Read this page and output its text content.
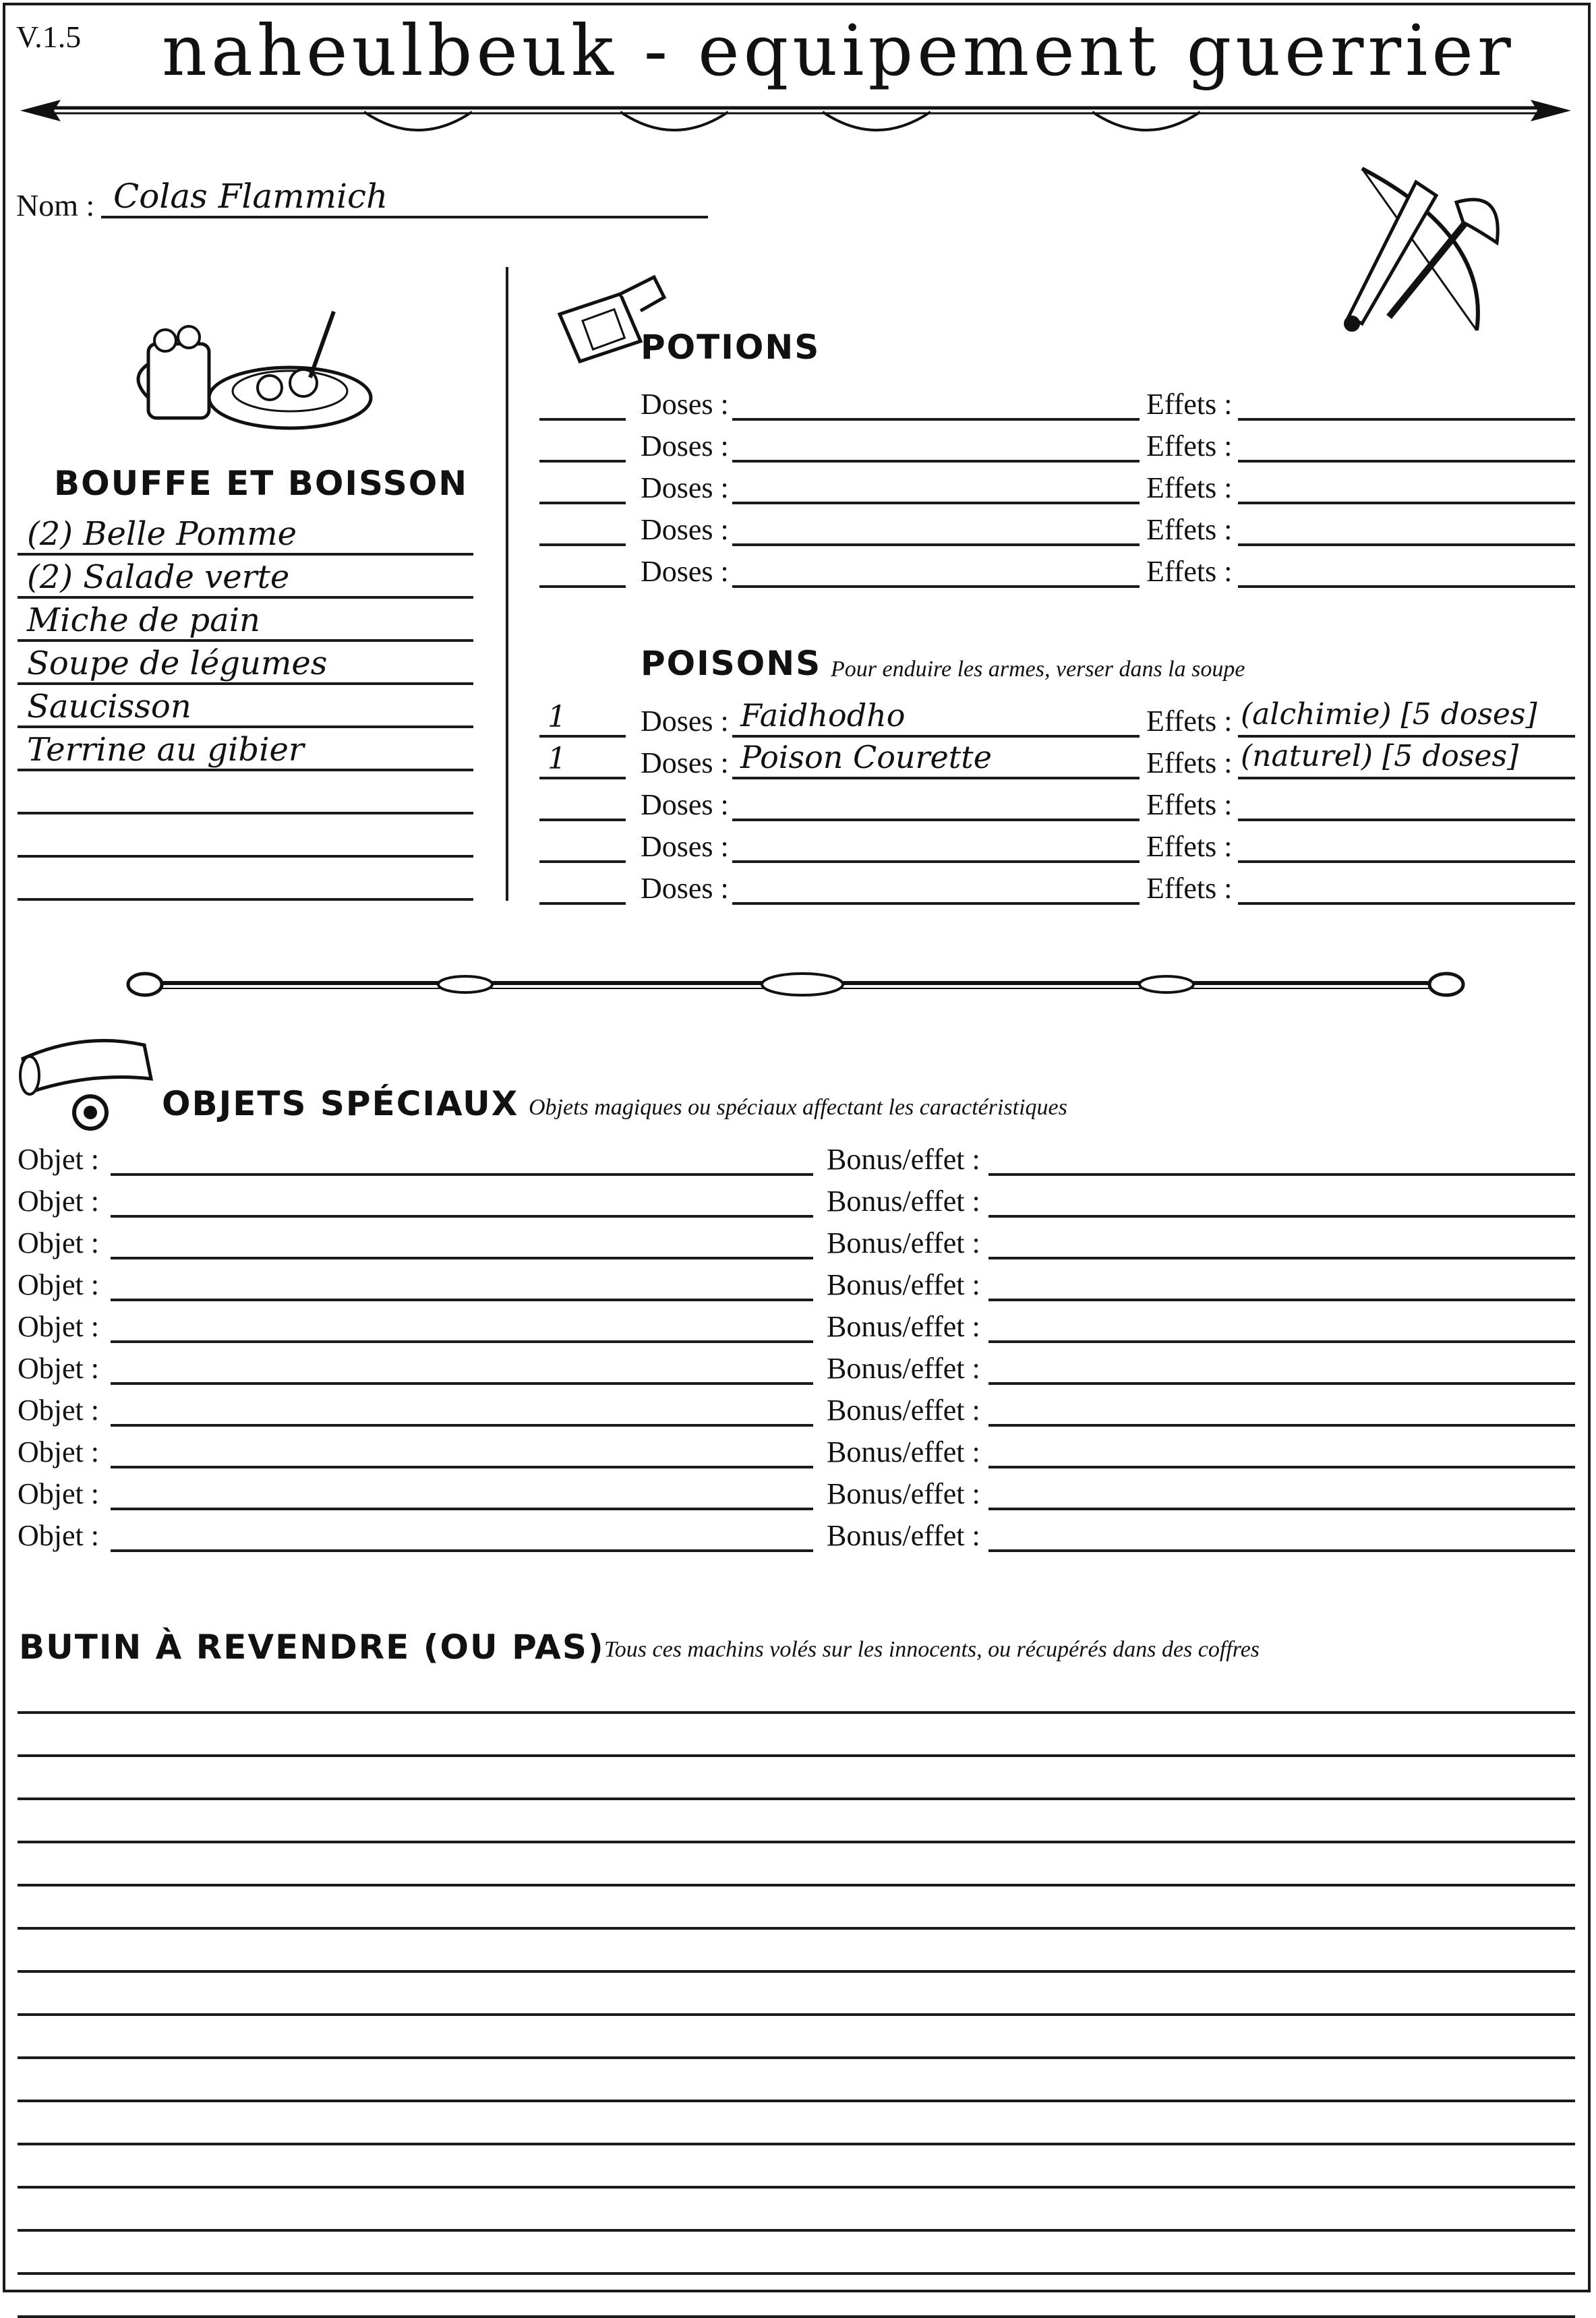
V.1.5 naheulbeuk - equipement guerrier
Nom : Colas Flammich
BOUFFE ET BOISSON
(2) Belle Pomme
(2) Salade verte
Miche de pain
Soupe de légumes
Saucisson
Terrine au gibier
POTIONS
Doses :	Effets :
Doses :	Effets :
Doses :	Effets :
Doses :	Effets :
Doses :	Effets :
POISONS Pour enduire les armes, verser dans la soupe
1	Doses : Faidhodho	Effets : (alchimie) [5 doses]
1	Doses : Poison Courette	Effets : (naturel) [5 doses]
Doses :	Effets :
Doses :	Effets :
Doses :	Effets :
OBJETS SPÉCIAUX Objets magiques ou spéciaux affectant les caractéristiques
Objet :	Bonus/effet :
Objet :	Bonus/effet :
Objet :	Bonus/effet :
Objet :	Bonus/effet :
Objet :	Bonus/effet :
Objet :	Bonus/effet :
Objet :	Bonus/effet :
Objet :	Bonus/effet :
Objet :	Bonus/effet :
Objet :	Bonus/effet :
BUTIN À REVENDRE (OU PAS) Tous ces machins volés sur les innocents, ou récupérés dans des coffres
